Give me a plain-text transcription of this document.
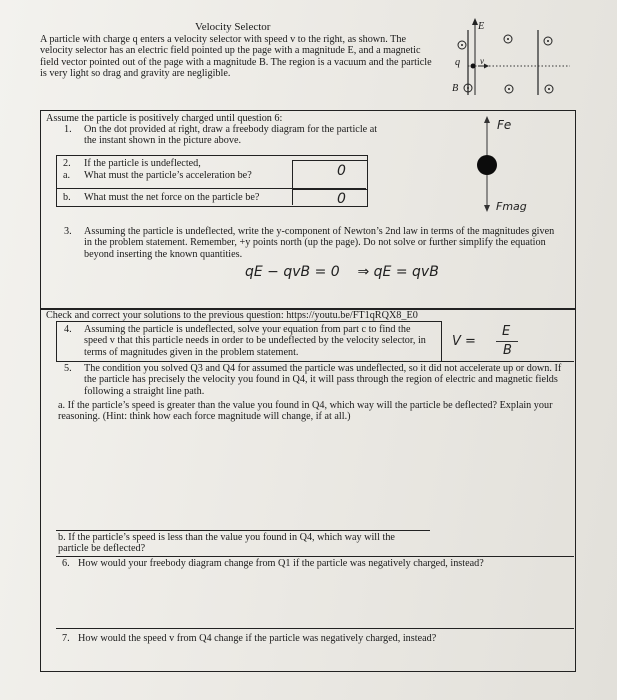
Velocity Selector
A particle with charge q enters a velocity selector with speed v to the right, as shown. The velocity selector has an electric field pointed up the page with a magnitude E, and a magnetic field vector pointed out of the page with a magnitude B. The region is a vacuum and the particle is very light so drag and gravity are negligible.
E
q v
B
Assume the particle is positively charged until question 6:
1. On the dot provided at right, draw a freebody diagram for the particle at the instant shown in the picture above.
2. If the particle is undeflected,
a. What must the particle’s acceleration be?	0
b. What must the net force on the particle be?	0
Fe
Fmag
3. Assuming the particle is undeflected, write the y-component of Newton’s 2nd law in terms of the magnitudes given in the problem statement. Remember, +y points north (up the page). Do not solve or further simplify the equation beyond inserting the known quantities.
qE − qvB = 0    ⇒ qE = qvB
Check and correct your solutions to the previous question: https://youtu.be/FT1qRQX8_E0
4. Assuming the particle is undeflected, solve your equation from part c to find the speed v that this particle needs in order to be undeflected by the velocity selector, in terms of magnitudes given in the problem statement.
V =
E
B
5. The condition you solved Q3 and Q4 for assumed the particle was undeflected, so it did not accelerate up or down. If the particle has precisely the velocity you found in Q4, it will pass through the region of electric and magnetic fields following a straight line path.
a. If the particle’s speed is greater than the value you found in Q4, which way will the particle be deflected? Explain your reasoning. (Hint: think how each force magnitude will change, if at all.)
b. If the particle’s speed is less than the value you found in Q4, which way will the particle be deflected?
6. How would your freebody diagram change from Q1 if the particle was negatively charged, instead?
7. How would the speed v from Q4 change if the particle was negatively charged, instead?
